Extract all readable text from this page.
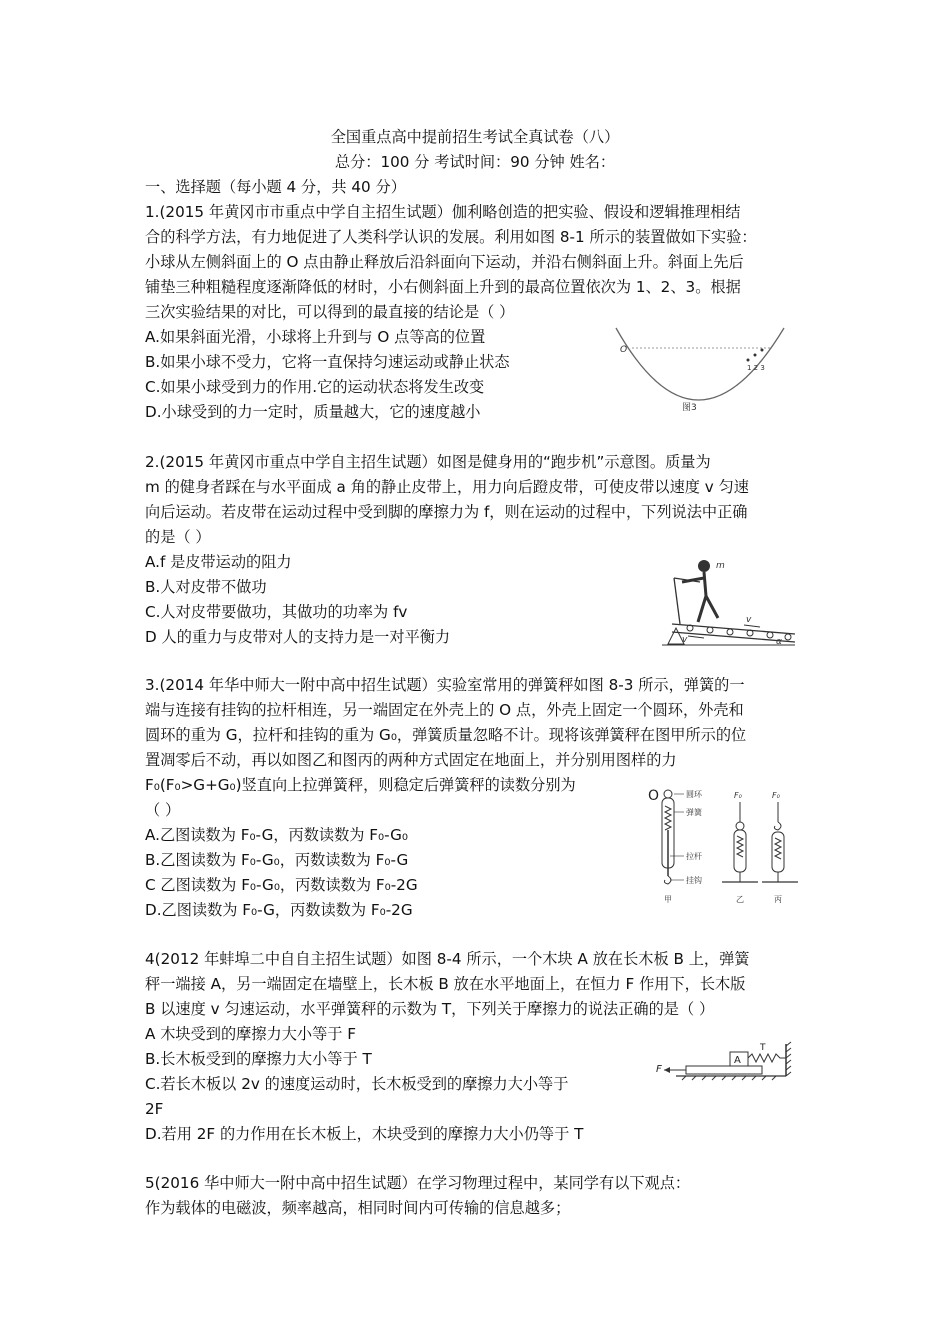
全国重点高中提前招生考试全真试卷（八）
总分：100 分 考试时间：90 分钟 姓名：
一、选择题（每小题 4 分，共 40 分）
1.(2015 年黄冈市市重点中学自主招生试题）伽利略创造的把实验、假设和逻辑推理相结
合的科学方法，有力地促进了人类科学认识的发展。利用如图 8-1 所示的装置做如下实验：
小球从左侧斜面上的 O 点由静止释放后沿斜面向下运动，并沿右侧斜面上升。斜面上先后
铺垫三种粗糙程度逐渐降低的材时，小右侧斜面上升到的最高位置依次为 1、2、3。根据
三次实验结果的对比，可以得到的最直接的结论是（ ）
A.如果斜面光滑，小球将上升到与 O 点等高的位置
B.如果小球不受力，它将一直保持匀速运动或静止状态
C.如果小球受到力的作用.它的运动状态将发生改变
D.小球受到的力一定时，质量越大，它的速度越小
O
1 2 3
图3
2.(2015 年黄冈市重点中学自主招生试题）如图是健身用的“跑步机”示意图。质量为
m 的健身者踩在与水平面成 a 角的静止皮带上，用力向后蹬皮带，可使皮带以速度 v 匀速
向后运动。若皮带在运动过程中受到脚的摩擦力为 f，则在运动的过程中，下列说法中正确
的是（ ）
A.f 是皮带运动的阻力
B.人对皮带不做功
C.人对皮带要做功，其做功的功率为 fv
D 人的重力与皮带对人的支持力是一对平衡力
m
v
v	α
3.(2014 年华中师大一附中高中招生试题）实验室常用的弹簧秤如图 8-3 所示，弹簧的一
端与连接有挂钩的拉杆相连，另一端固定在外壳上的 O 点，外壳上固定一个圆环，外壳和
圆环的重为 G，拉杆和挂钩的重为 G₀，弹簧质量忽略不计。现将该弹簧秤在图甲所示的位
置凋零后不动，再以如图乙和图丙的两种方式固定在地面上，并分别用图样的力
F₀(F₀>G+G₀)竖直向上拉弹簧秤，则稳定后弹簧秤的读数分别为
（ ）
A.乙图读数为 F₀-G，丙数读数为 F₀-G₀
B.乙图读数为 F₀-G₀，丙数读数为 F₀-G
C 乙图读数为 F₀-G₀，丙数读数为 F₀-2G
D.乙图读数为 F₀-G，丙数读数为 F₀-2G
O	圆环
弹簧
拉杆
挂钩
甲
F₀
乙
F₀
丙
4(2012 年蚌埠二中自自主招生试题）如图 8-4 所示，一个木块 A 放在长木板 B 上，弹簧
秤一端接 A，另一端固定在墙壁上，长木板 B 放在水平地面上，在恒力 F 作用下，长木版
B 以速度 v 匀速运动，水平弹簧秤的示数为 T，下列关于摩擦力的说法正确的是（ ）
A 木块受到的摩擦力大小等于 F
B.长木板受到的摩擦力大小等于 T
C.若长木板以 2v 的速度运动时，长木板受到的摩擦力大小等于
2F
D.若用 2F 的力作用在长木板上，木块受到的摩擦力大小仍等于 T
F
A
T
5(2016 华中师大一附中高中招生试题）在学习物理过程中，某同学有以下观点：
作为载体的电磁波，频率越高，相同时间内可传输的信息越多；
